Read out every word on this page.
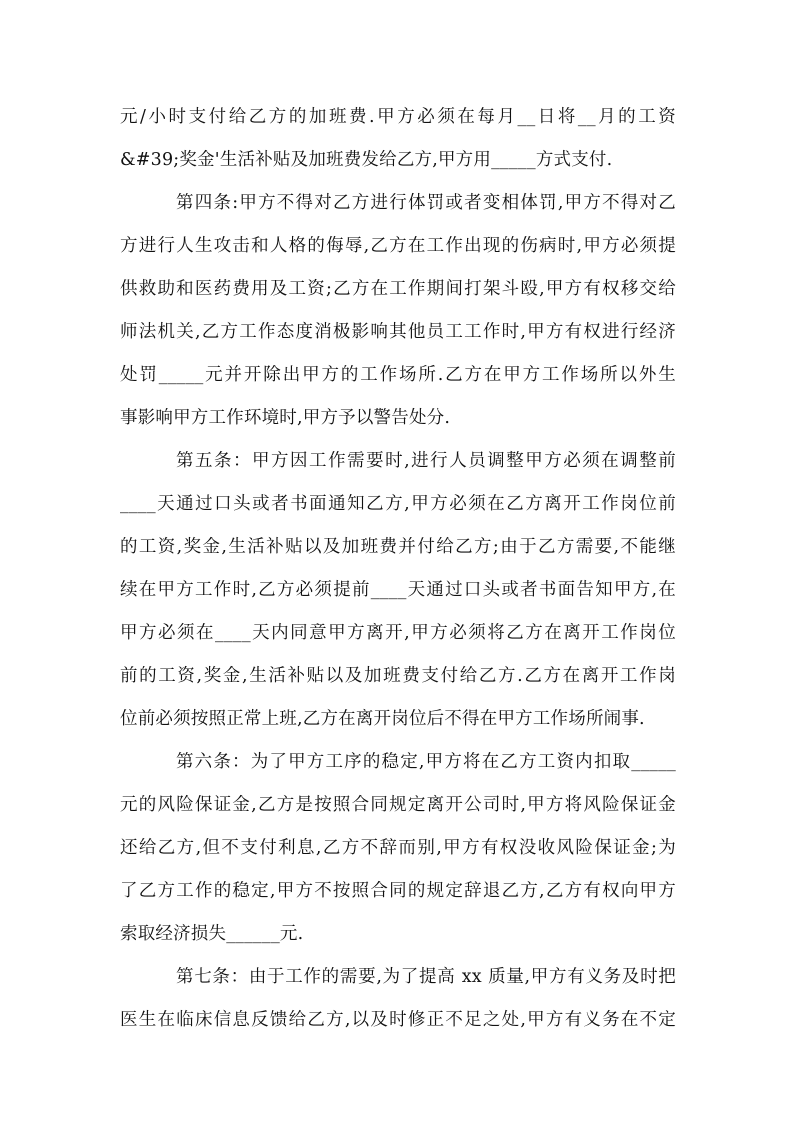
元/小时支付给乙方的加班费.甲方必须在每月__日将__月的工资
&#39;奖金'生活补贴及加班费发给乙方,甲方用_____方式支付.
第四条:甲方不得对乙方进行体罚或者变相体罚,甲方不得对乙
方进行人生攻击和人格的侮辱,乙方在工作出现的伤病时,甲方必须提
供救助和医药费用及工资;乙方在工作期间打架斗殴,甲方有权移交给
师法机关,乙方工作态度消极影响其他员工工作时,甲方有权进行经济
处罚_____元并开除出甲方的工作场所.乙方在甲方工作场所以外生
事影响甲方工作环境时,甲方予以警告处分.
第五条：甲方因工作需要时,进行人员调整甲方必须在调整前
____天通过口头或者书面通知乙方,甲方必须在乙方离开工作岗位前
的工资,奖金,生活补贴以及加班费并付给乙方;由于乙方需要,不能继
续在甲方工作时,乙方必须提前____天通过口头或者书面告知甲方,在
甲方必须在____天内同意甲方离开,甲方必须将乙方在离开工作岗位
前的工资,奖金,生活补贴以及加班费支付给乙方.乙方在离开工作岗
位前必须按照正常上班,乙方在离开岗位后不得在甲方工作场所闹事.
第六条：为了甲方工序的稳定,甲方将在乙方工资内扣取_____
元的风险保证金,乙方是按照合同规定离开公司时,甲方将风险保证金
还给乙方,但不支付利息,乙方不辞而别,甲方有权没收风险保证金;为
了乙方工作的稳定,甲方不按照合同的规定辞退乙方,乙方有权向甲方
索取经济损失______元.
第七条：由于工作的需要,为了提高 xx 质量,甲方有义务及时把
医生在临床信息反馈给乙方,以及时修正不足之处,甲方有义务在不定
